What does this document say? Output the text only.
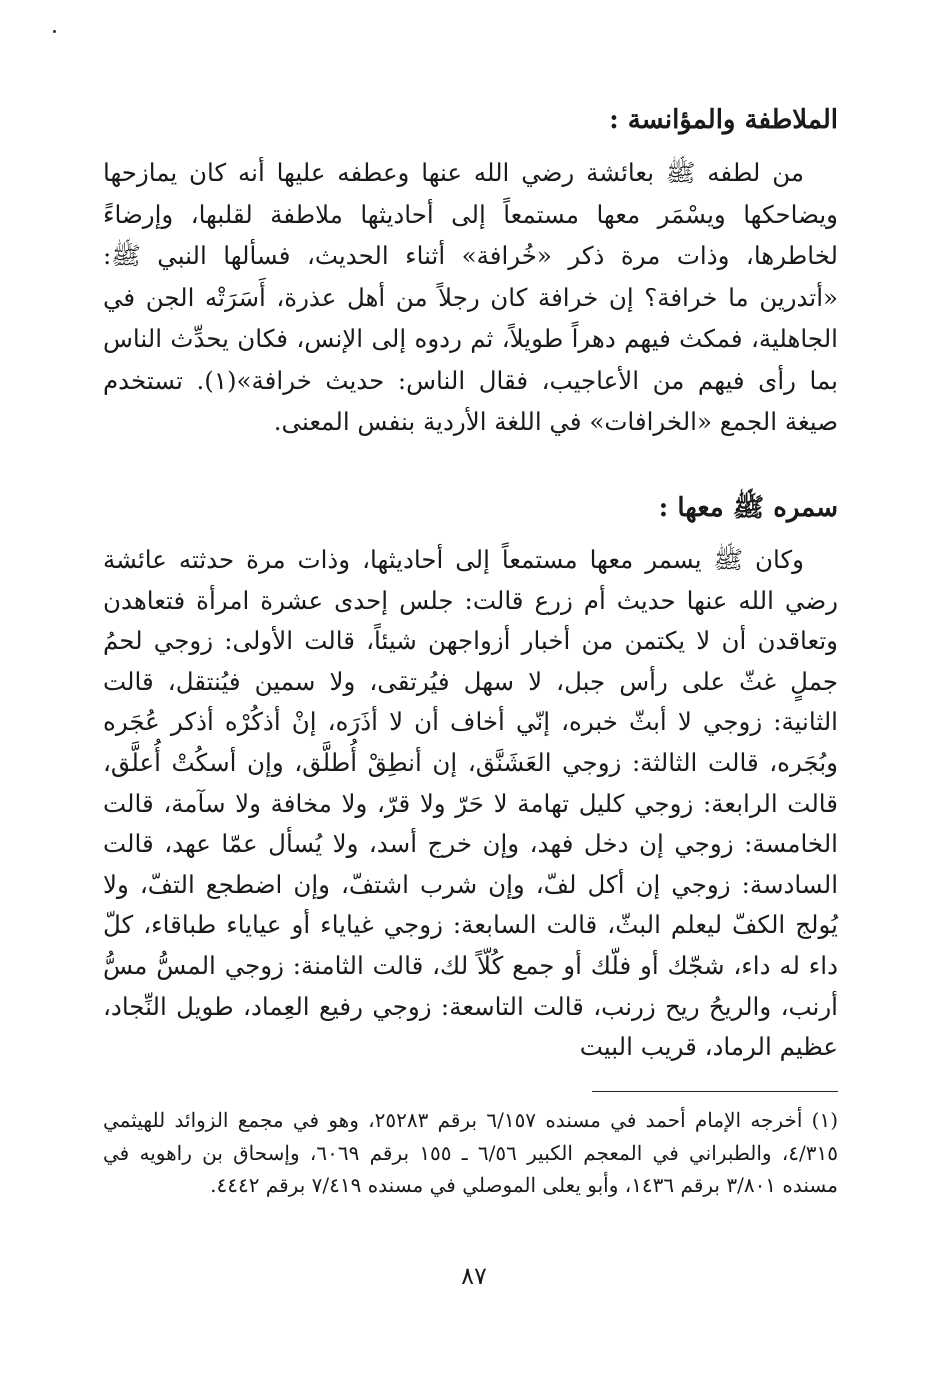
الملاطفة والمؤانسة :

من لطفه ﷺ بعائشة رضي الله عنها وعطفه عليها أنه كان يمازحها ويضاحكها ويسْمَر معها مستمعاً إلى أحاديثها ملاطفة لقلبها، وإرضاءً لخاطرها، وذات مرة ذكر «خُرافة» أثناء الحديث، فسألها النبي ﷺ: «أتدرين ما خرافة؟ إن خرافة كان رجلاً من أهل عذرة، أَسَرَتْه الجن في الجاهلية، فمكث فيهم دهراً طويلاً، ثم ردوه إلى الإنس، فكان يحدِّث الناس بما رأى فيهم من الأعاجيب، فقال الناس: حديث خرافة»(١). تستخدم صيغة الجمع «الخرافات» في اللغة الأردية بنفس المعنى.

سمره ﷺ معها :

وكان ﷺ يسمر معها مستمعاً إلى أحاديثها، وذات مرة حدثته عائشة رضي الله عنها حديث أم زرع قالت: جلس إحدى عشرة امرأة فتعاهدن وتعاقدن أن لا يكتمن من أخبار أزواجهن شيئاً، قالت الأولى: زوجي لحمُ جملٍ غثّ على رأس جبل، لا سهل فيُرتقى، ولا سمين فيُنتقل، قالت الثانية: زوجي لا أبثّ خبره، إنّي أخاف أن لا أذَرَه، إنْ أذكُرْه أذكر عُجَره وبُجَره، قالت الثالثة: زوجي العَشَنَّق، إن أنطِقْ أُطلَّق، وإن أسكُتْ أُعلَّق، قالت الرابعة: زوجي كليل تهامة لا حَرّ ولا قرّ، ولا مخافة ولا سآمة، قالت الخامسة: زوجي إن دخل فهد، وإن خرج أسد، ولا يُسأل عمّا عهد، قالت السادسة: زوجي إن أكل لفّ، وإن شرب اشتفّ، وإن اضطجع التفّ، ولا يُولج الكفّ ليعلم البثّ، قالت السابعة: زوجي غياياء أو عياياء طباقاء، كلّ داء له داء، شجّك أو فلّك أو جمع كُلّاً لك، قالت الثامنة: زوجي المسُّ مسُّ أرنب، والريحُ ريح زرنب، قالت التاسعة: زوجي رفيع العِماد، طويل النِّجاد، عظيم الرماد، قريب البيت

(١) أخرجه الإمام أحمد في مسنده ٦/١٥٧ برقم ٢٥٢٨٣، وهو في مجمع الزوائد للهيثمي ٤/٣١٥، والطبراني في المعجم الكبير ٦/٥٦ ـ ١٥٥ برقم ٦٠٦٩، وإسحاق بن راهويه في مسنده ٣/٨٠١ برقم ١٤٣٦، وأبو يعلى الموصلي في مسنده ٧/٤١٩ برقم ٤٤٤٢.

٨٧
